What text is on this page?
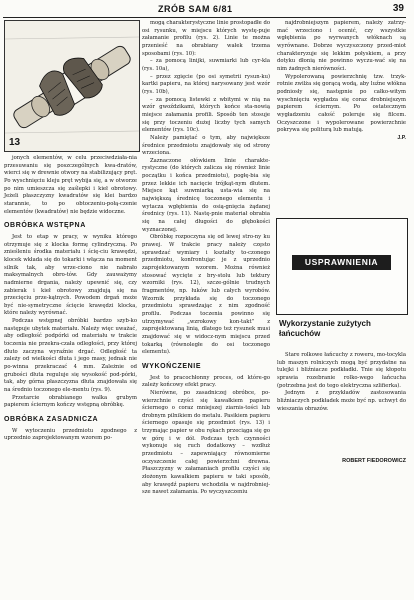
ZRÓB SAM 6/81	39
13

jonych elementów, w celu przeciwdziała-nia przesuwaniu się poszczególnych kwa-dratów, wierci się w drewnie otwory na stabilizujący pręt. Po wyschnięciu kleju pręt wybija się, a w otworze po nim umieszcza się zaślepki i kieł obrotowy. Jeżeli płaszczyzny kwadratów się klei bardzo starannie, to po obtoczeniu-połą-czenie elementów (kwadratów) nie będzie widoczne.

OBRÓBKA WSTĘPNA

Jest to etap w pracy, w wyniku którego otrzymuje się z klocka formę cylindryczną. Po znieśleniu środka materiału i ścię-ciu krawędzi, klocek wkłada się do tokarki i włącza na moment silnik tak, aby wrze-ciono nie nabrało maksymalnych obro-tów. Gdy zauważymy nadmierne drgania, należy upewnić się, czy zabierak i kieł obrotowy znajdują się na przecięciu prze-kątnych. Powodem drgań może być nie-symetryczne ścięcie krawędzi klocka, które należy wyrównać.

Podczas wstępnej obróbki bardzo szyb-ko następuje ubytek materiału. Należy więc uważać, aby odległość podpórki od materiału w trakcie toczenia nie przekra-czała odległości, przy której dłuto zaczyna wyraźnie drgać. Odległość ta zależy od wielkości dłuta i jego masy, jednak nie po-winna przekraczać 4 mm. Zależnie od grubości dłuta reguluje się wysokość pod-pórki, tak, aby górna płaszczyzna dłuta znajdowała się na średnio toczonego ele-mentu (rys. 9).

Przetarcie obrabianego walka grubym papierem ściernym kończy wstępną obróbkę.

OBRÓBKA ZASADNICZA

W wytoczeniu przedmiotu zgodnego z uprzednio zaprojektowanym wzorem po-

mogą charakterystyczne linie prostopadłe do osi rysunku, w miejscu których wystę-puje załamanie profilu (rys. 2). Linie te można przenieść na obrabiany wałek trzema sposobami (rys. 10):

– za pomocą linijki, suwmiarki lub cyr-kla (rys. 10a),

– przez zgięcie (po osi symetrii rysun-ku) kartki papieru, na której narysowany jest wzór (rys. 10b),

– za pomocą listewki z wbitymi w nią na wzór gwoździkami, których końce sta-nowią miejsce załamania profili. Sposób ten stosuje się przy toczeniu dużej liczby tych samych elementów (rys. 10c).

Należy pamiętać o tym, aby największe średnice przedmiotu znajdowały się od strony wrzeciona.

Zaznaczone ołówkiem linie charakte-rystyczne (do których zalicza się również linie początku i końca przedmiotu), pogłę-bia się przez lekkie ich nacięcie trójkąt-nym dłutem. Miejsce kąt suwmiarką usta-wia się na największą średnicę toczonego elementu i wytacza wgłębienia do osią-gnięcia żądanej średnicy (rys. 11). Nastę-pnie materiał obrabia się na całej długości do głębokości wyznaczonej.

Obróbkę rozpoczyna się od lewej stro-ny ku prawej. W trakcie pracy należy często sprawdzać wymiary i kształty to-czonego przedmiotu, konfrontując je z uprzednio zaprojektowanym wzorem. Można również stosować wycięte z bry-stolu lub tektury wzorniki (rys. 12), szcze-gólnie trudnych fragmentów, np. łuków lub całych wyrobów. Wzornik przykłada się do toczonego przedmiotu sprawdzając z nim zgodność profilu. Podczas toczenia powinno się utrzymywać „wzrokowy kon-takt” z zaprojektowaną linią, dlatego też rysunek musi znajdować się w widocz-nym miejscu przed tokarką (równoległe do osi toczonego elementu).

WYKOŃCZENIE

Jest to pracochłonny proces, od które-go zależy końcowy efekt pracy.

Nierówne, po zasadniczej obróbce, po-wierzchnie czyści się kawałkiem papieru ściernego o coraz mniejszej ziarnis-tości lub drobnym pilnikiem do metalu. Pasikiem papieru ściernego opasuje się przedmiot (rys. 13) i trzymając papier w obu rękach przeciąga się go w górę i w dół. Podczas tych czynności wykonuje się ruch dodatkowy – wzdłuż przedmiotu – zapewniający równomierne oczyszczenie całej powierzchni drewna. Płaszczyzny w załamaniach profilu czyści się złożonym kawałkiem papieru w taki sposób, aby krawędź papieru wchodziła w najdrobniej-sze nawet załamania. Po wyczyszczeniu

najdrobniejszym papierem, należy zatrzy-mać wrzeciono i ocenić, czy wszystkie wgłębienia po wyrwanych włóknach są wyrównane. Dobrze wyczyszczony przed-miot charakteryzuje się lekkim połyskiem, a przy dotyku dłonią nie powinno wyczu-wać się na nim żadnych nierówności.

Wypolerowaną powierzchnię tzw. trzyk-rotnie zwilża się gorącą wodą, aby luźne włókna podniosły się, następnie po całko-witym wyschnięciu wygładza się coraz drobniejszym papierem ściernym. Po ostatecznym wygładzeniu całość poleruje się filcem. Oczyszczone i wypolerowane powierzchnie pokrywa się politurą lub matują.

J.P.

USPRAWNIENIA
Wykorzystanie zużytych łańcuchów

Stare rolkowe łańcuchy z roweru, mo-tocykla lub maszyn rolniczych mogą być przydatne na tulejki i bliźniacze podkładki. Tnie się kłopotu sprawia rozebranie rolko-wego łańcucha (potrzebna jest do tego elektryczna szlifierka).

Jednym z przykładów zastosowania bliźniaczych podkładek może być np. uchwyt do wieszania obrazów.

ROBERT FIEDOROWICZ
